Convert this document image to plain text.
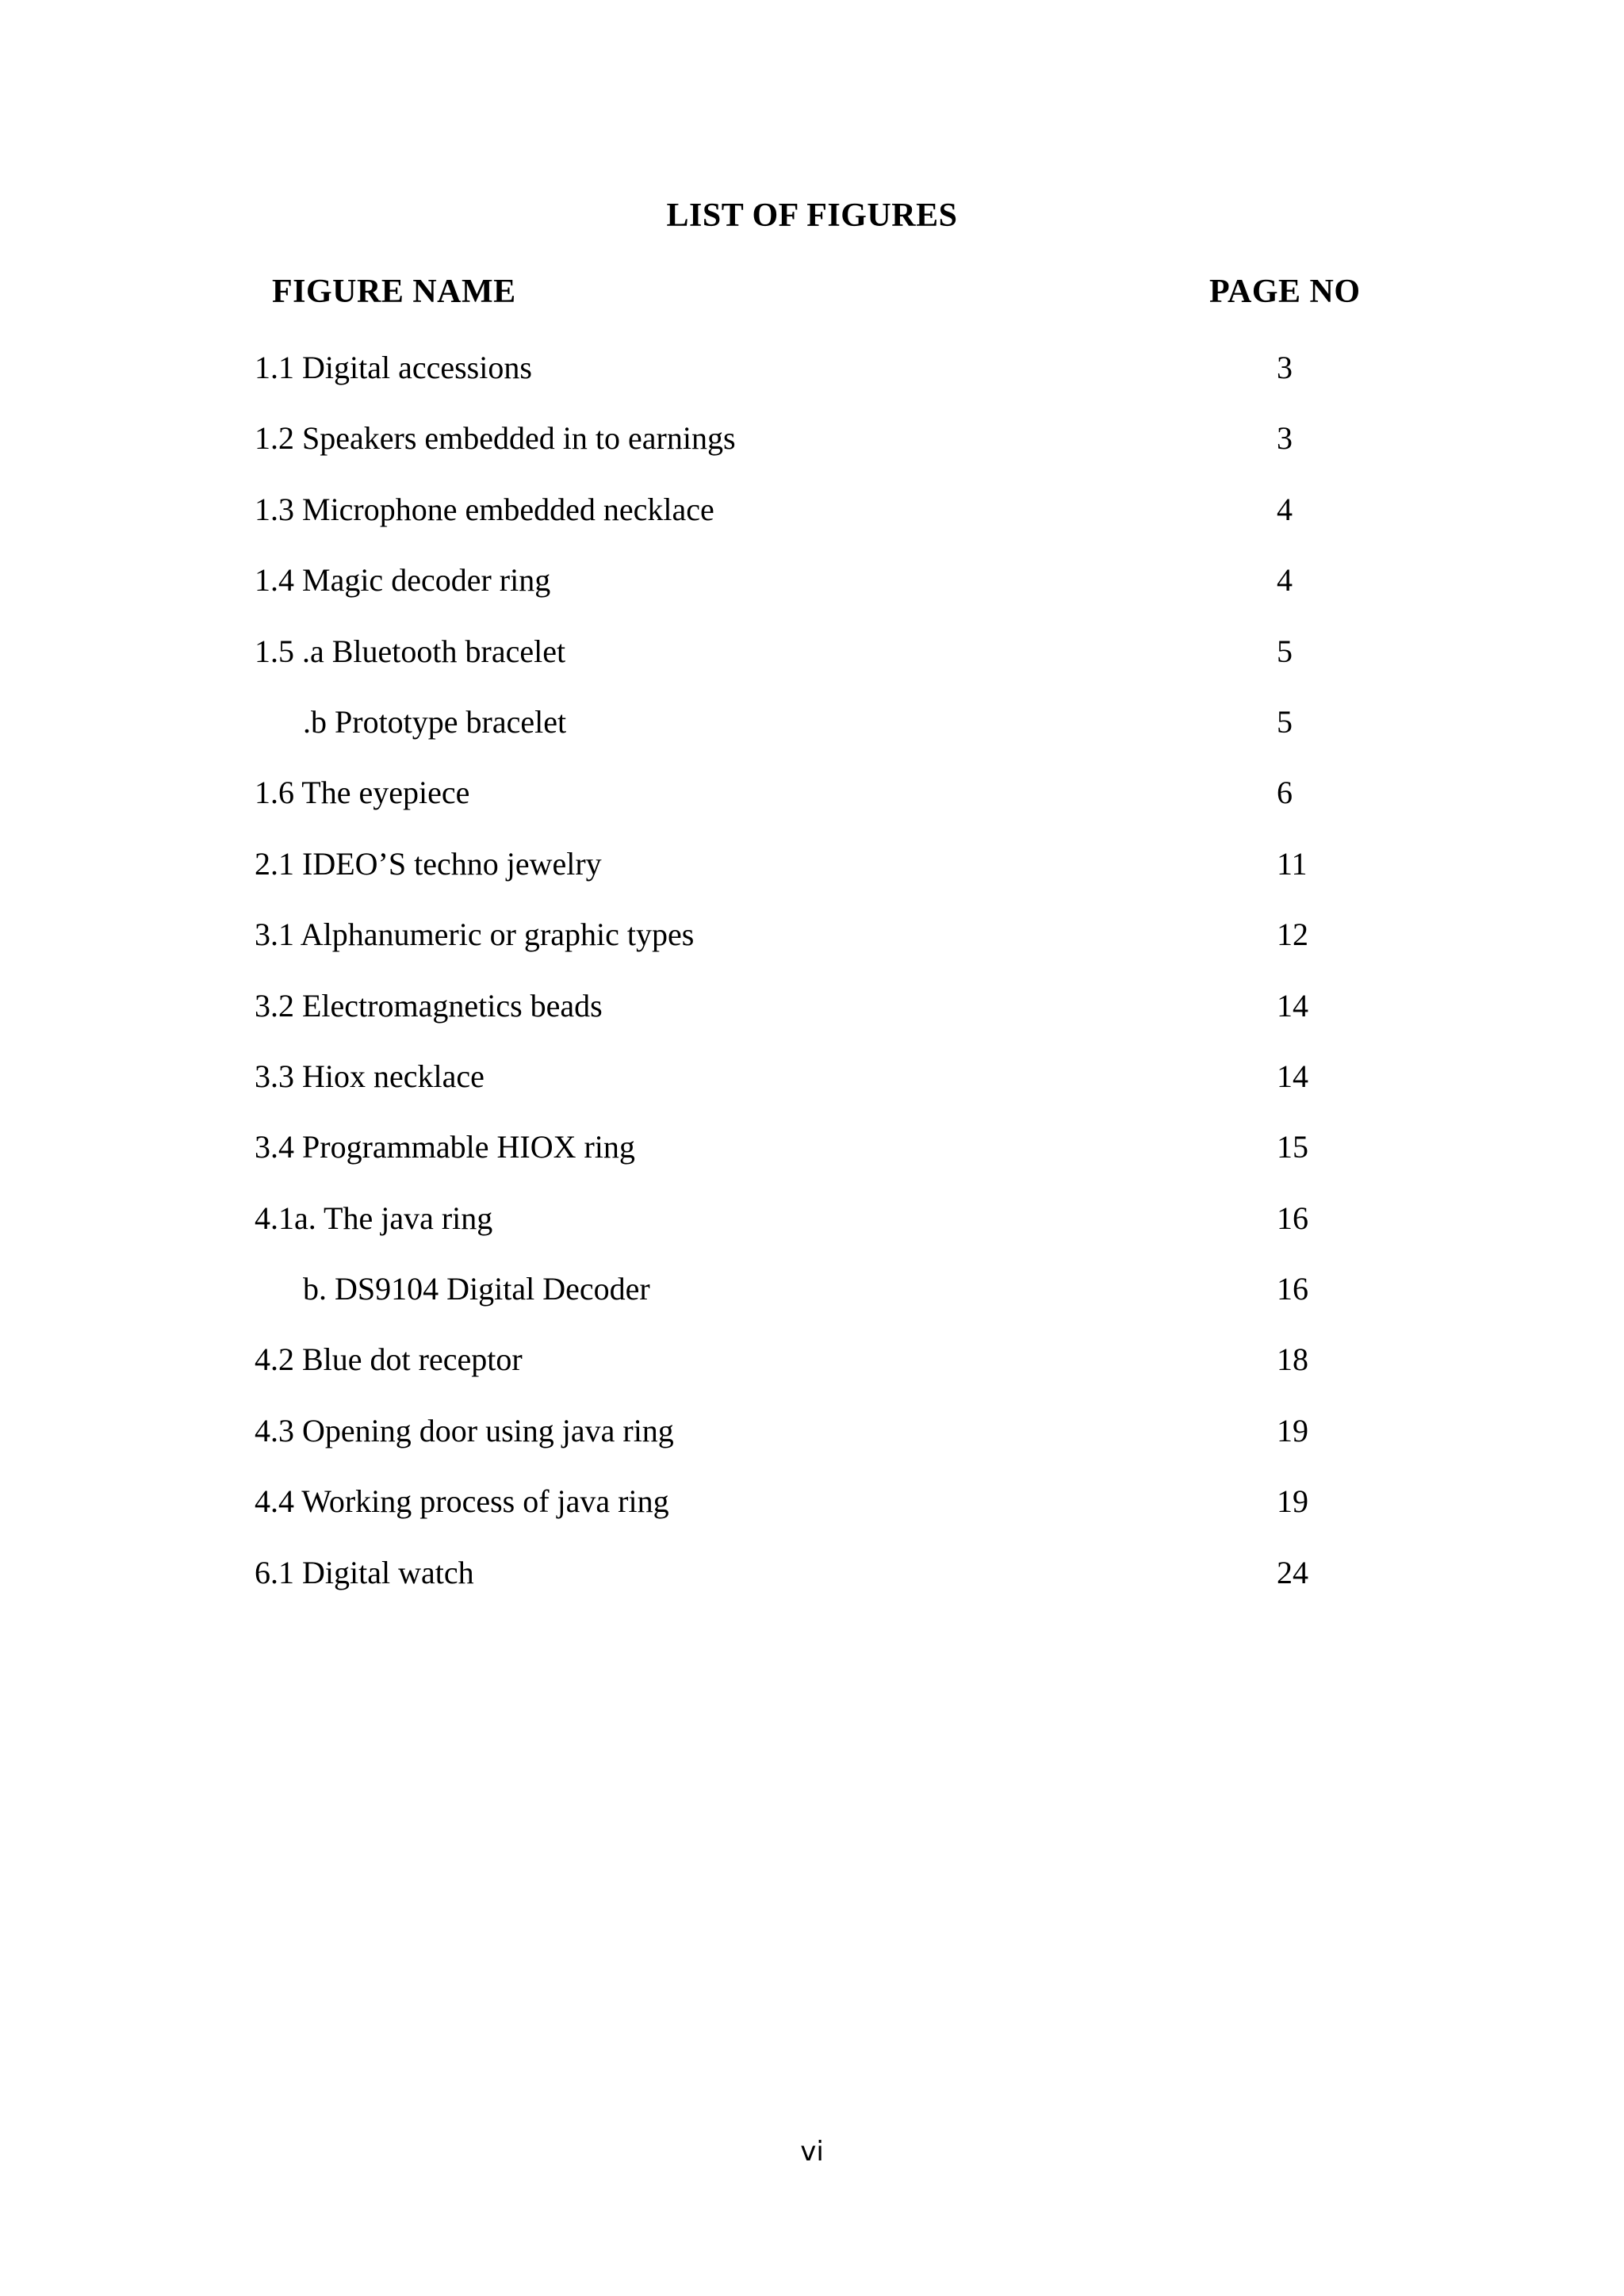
LIST OF FIGURES
FIGURE NAME	PAGE NO
1.1 Digital accessions	3
1.2 Speakers embedded in to earnings	3
1.3 Microphone embedded necklace	4
1.4 Magic decoder ring	4
1.5 .a Bluetooth bracelet	5
.b Prototype bracelet	5
1.6 The eyepiece	6
2.1 IDEO’S techno jewelry	11
3.1 Alphanumeric or graphic types	12
3.2 Electromagnetics beads	14
3.3 Hiox necklace	14
3.4 Programmable HIOX ring	15
4.1a. The java ring	16
b. DS9104 Digital Decoder	16
4.2 Blue dot receptor	18
4.3 Opening door using java ring	19
4.4 Working process of java ring	19
6.1 Digital watch	24
vi
